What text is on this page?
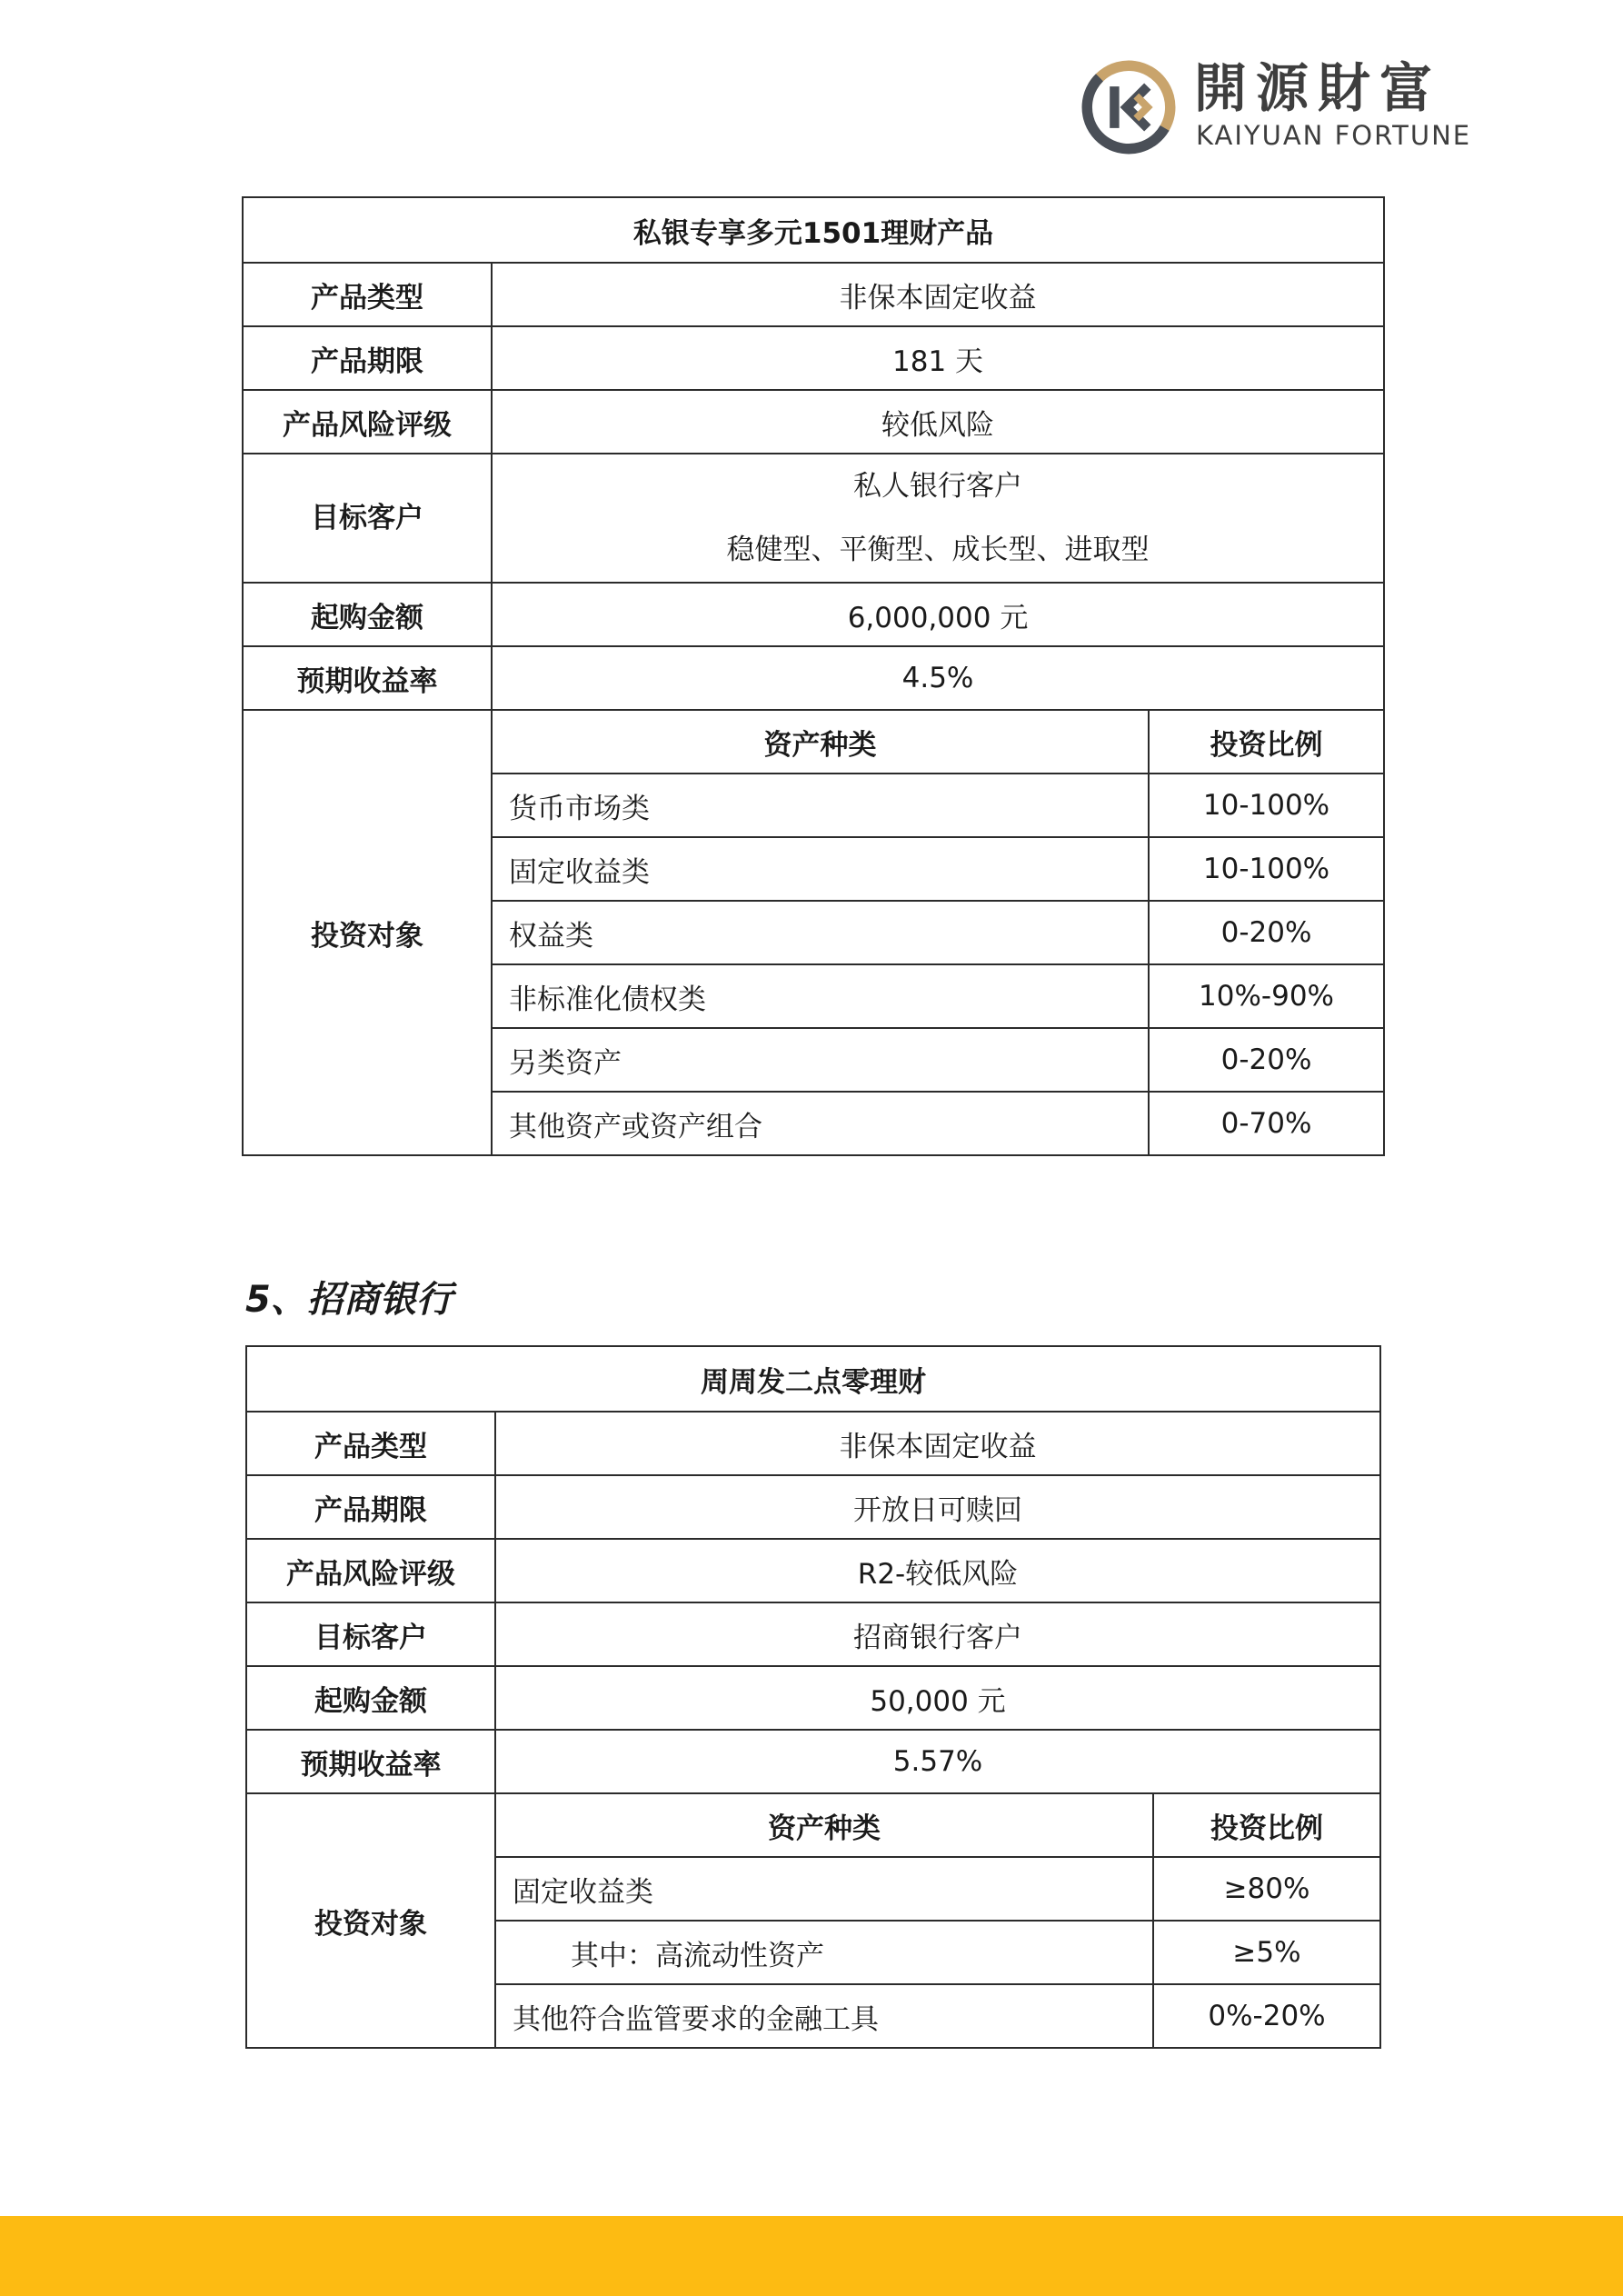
開源財富
KAIYUAN FORTUNE
私银专享多元1501理财产品		
产品类型	非保本固定收益	
产品期限	181 天	
产品风险评级	较低风险	
目标客户	私人银行客户
稳健型、平衡型、成长型、进取型	

起购金额	6,000,000 元	
预期收益率	4.5%	
投资对象	资产种类	投资比例
	货币市场类	10-100%
	固定收益类	10-100%
	权益类	0-20%
	非标准化债权类	10%-90%
	另类资产	0-20%
	其他资产或资产组合	0-70%
5、招商银行
周周发二点零理财		
产品类型	非保本固定收益	
产品期限	开放日可赎回	
产品风险评级	R2-较低风险	
目标客户	招商银行客户	
起购金额	50,000 元	
预期收益率	5.57%	
投资对象	资产种类	投资比例
	固定收益类	≥80%
	其中：高流动性资产	≥5%
	其他符合监管要求的金融工具	0%-20%
